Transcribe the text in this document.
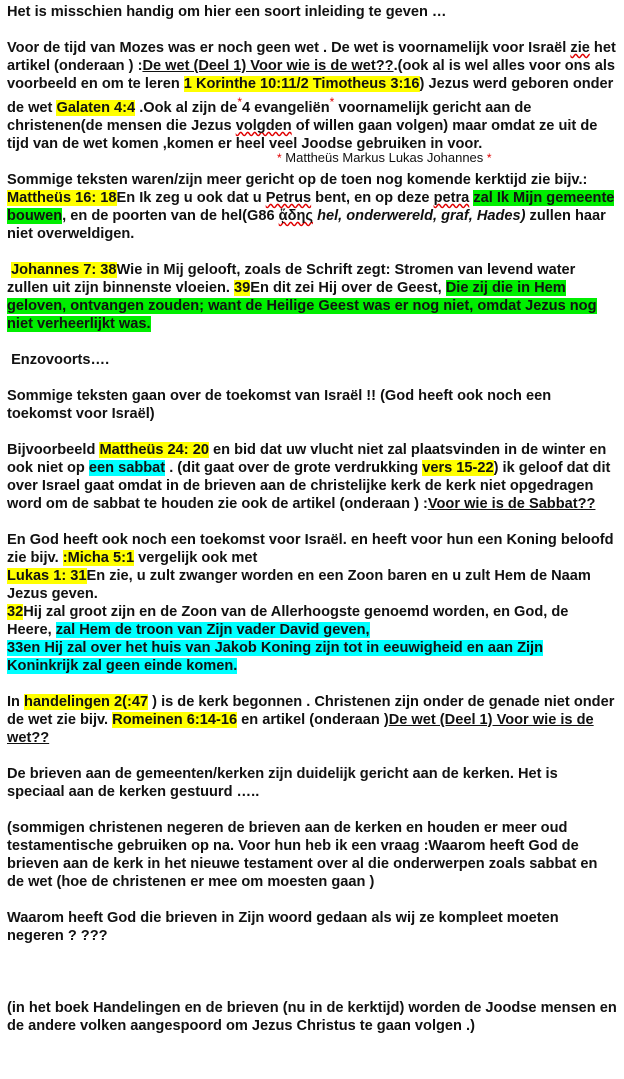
Het is misschien handig om hier een soort inleiding te geven …

Voor de tijd van Mozes was er noch geen wet . De wet is voornamelijk voor Israël zie het artikel (onderaan ) :De wet (Deel 1) Voor wie is de wet??.(ook al is wel alles voor ons als voorbeeld en om te leren 1 Korinthe 10:11/2 Timotheus 3:16) Jezus werd geboren onder de wet Galaten 4:4 .Ook al zijn de*4 evangeliën* voornamelijk gericht aan de christenen(de mensen die Jezus volgden of willen gaan volgen) maar omdat ze uit de tijd van de wet komen ,komen er heel veel Joodse gebruiken in voor.

* Mattheüs Markus Lukas Johannes *

Sommige teksten waren/zijn meer gericht op de toen nog komende kerktijd zie bijv.: Mattheüs 16: 18En Ik zeg u ook dat u Petrus bent, en op deze petra zal Ik Mijn gemeente bouwen, en de poorten van de hel(G86 ᾅδης hel, onderwereld, graf, Hades) zullen haar niet overweldigen.

Johannes 7: 38Wie in Mij gelooft, zoals de Schrift zegt: Stromen van levend water zullen uit zijn binnenste vloeien. 39En dit zei Hij over de Geest, Die zij die in Hem geloven, ontvangen zouden; want de Heilige Geest was er nog niet, omdat Jezus nog niet verheerlijkt was.

Enzovoorts….

Sommige teksten gaan over de toekomst van Israël !! (God heeft ook noch een toekomst voor Israël)

Bijvoorbeeld Mattheüs 24: 20 en bid dat uw vlucht niet zal plaatsvinden in de winter en ook niet op een sabbat . (dit gaat over de grote verdrukking vers 15-22) ik geloof dat dit over Israel gaat omdat in de brieven aan de christelijke kerk de kerk niet opgedragen word om de sabbat te houden zie ook de artikel (onderaan ) :Voor wie is de Sabbat??

En God heeft ook noch een toekomst voor Israël. en heeft voor hun een Koning beloofd zie bijv. :Micha 5:1 vergelijk ook met
Lukas 1: 31En zie, u zult zwanger worden en een Zoon baren en u zult Hem de Naam Jezus geven.
32Hij zal groot zijn en de Zoon van de Allerhoogste genoemd worden, en God, de Heere, zal Hem de troon van Zijn vader David geven,
33en Hij zal over het huis van Jakob Koning zijn tot in eeuwigheid en aan Zijn Koninkrijk zal geen einde komen.

In handelingen 2(:47 ) is de kerk begonnen . Christenen zijn onder de genade niet onder de wet zie bijv. Romeinen 6:14-16 en artikel (onderaan )De wet (Deel 1) Voor wie is de wet??

De brieven aan de gemeenten/kerken zijn duidelijk gericht aan de kerken. Het is speciaal aan de kerken gestuurd …..

(sommigen christenen negeren de brieven aan de kerken en houden er meer oud testamentische gebruiken op na. Voor hun heb ik een vraag :Waarom heeft God de brieven aan de kerk in het nieuwe testament over al die onderwerpen zoals sabbat en de wet (hoe de christenen er mee om moesten gaan )

Waarom heeft God die brieven in Zijn woord gedaan als wij ze kompleet moeten negeren ? ???

(in het boek Handelingen en de brieven (nu in de kerktijd) worden de Joodse mensen en de andere volken aangespoord om Jezus Christus te gaan volgen .)
